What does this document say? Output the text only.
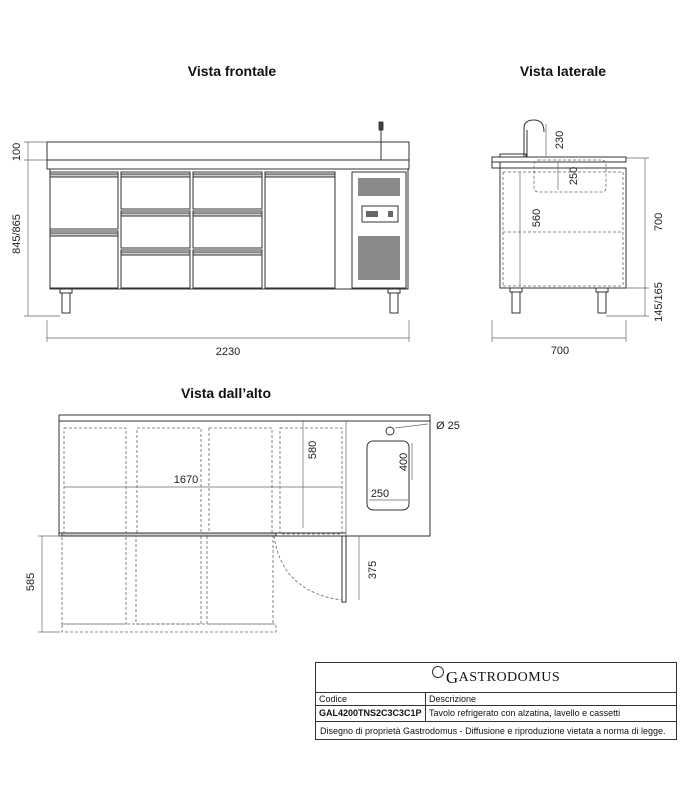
Vista frontale	Vista laterale
Vista dall’alto
100
845/865
2230
230
250
560	700
145/165
700
Ø 25
580
1670
400
250
375
585
G ASTRODOMUS
Codice
GAL4200TNS2C3C3C1P
Descrizione
Tavolo refrigerato con alzatina, lavello e cassetti
Disegno di proprietà Gastrodomus - Diffusione e riproduzione vietata a norma di legge.
